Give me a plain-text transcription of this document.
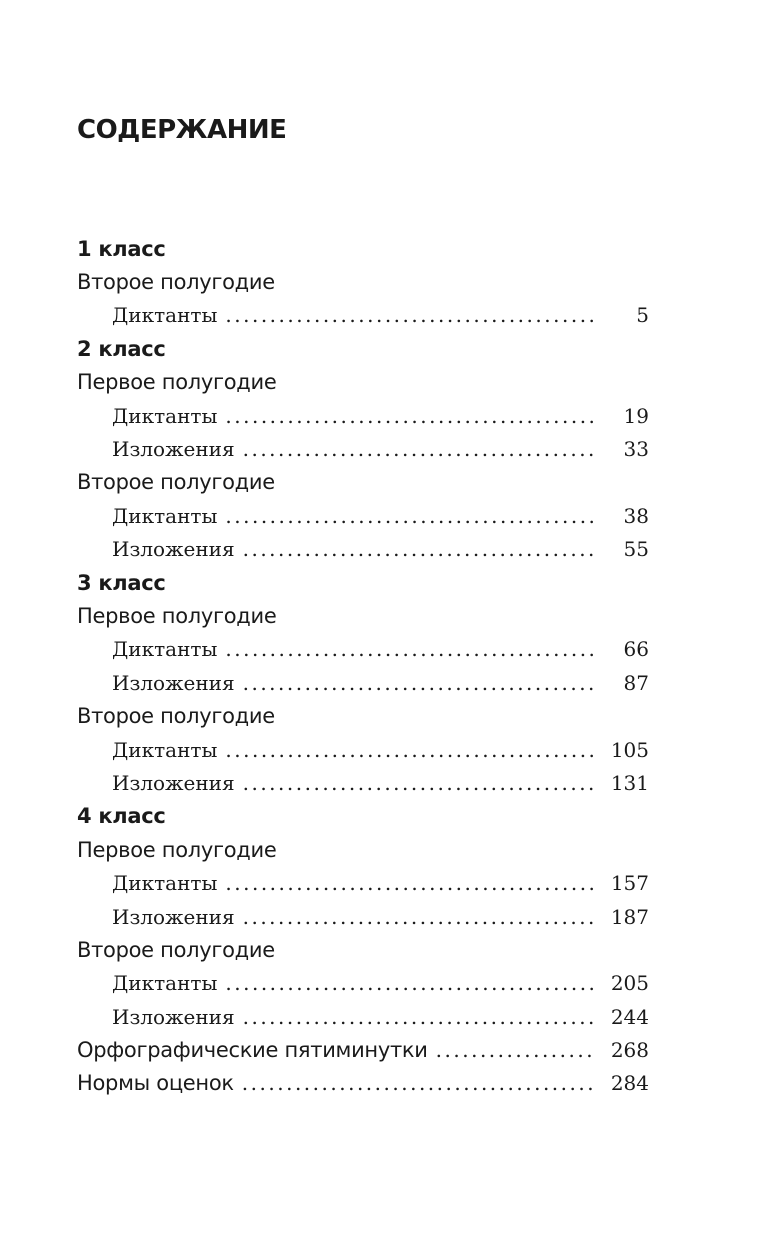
СОДЕРЖАНИЕ
1 класс
Второе полугодие
Диктанты .....	5
2 класс
Первое полугодие
Диктанты .....	19
Изложения .....	33
Второе полугодие
Диктанты .....	38
Изложения .....	55
3 класс
Первое полугодие
Диктанты .....	66
Изложения .....	87
Второе полугодие
Диктанты .....	105
Изложения .....	131
4 класс
Первое полугодие
Диктанты .....	157
Изложения .....	187
Второе полугодие
Диктанты .....	205
Изложения .....	244
Орфографические пятиминутки .....	268
Нормы оценок .....	284
